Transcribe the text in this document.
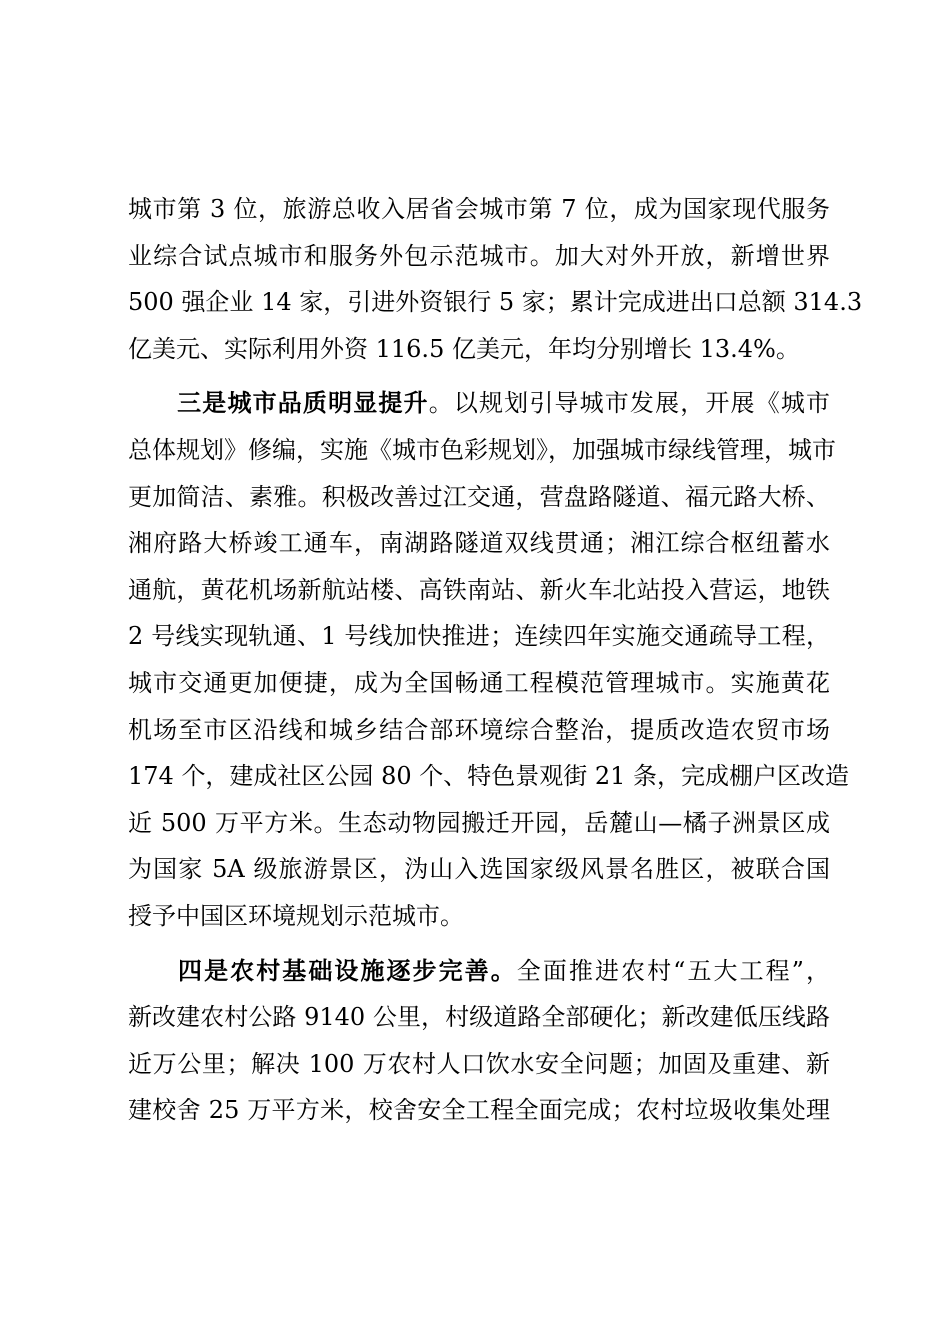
城市第 3 位，旅游总收入居省会城市第 7 位，成为国家现代服务
业综合试点城市和服务外包示范城市。加大对外开放，新增世界
500 强企业 14 家，引进外资银行 5 家；累计完成进出口总额 314.3
亿美元、实际利用外资 116.5 亿美元，年均分别增长 13.4%。
三是城市品质明显提升。以规划引导城市发展，开展《城市
总体规划》修编，实施《城市色彩规划》，加强城市绿线管理，城市
更加简洁、素雅。积极改善过江交通，营盘路隧道、福元路大桥、
湘府路大桥竣工通车，南湖路隧道双线贯通；湘江综合枢纽蓄水
通航，黄花机场新航站楼、高铁南站、新火车北站投入营运，地铁
2 号线实现轨通、1 号线加快推进；连续四年实施交通疏导工程，
城市交通更加便捷，成为全国畅通工程模范管理城市。实施黄花
机场至市区沿线和城乡结合部环境综合整治，提质改造农贸市场
174 个，建成社区公园 80 个、特色景观街 21 条，完成棚户区改造
近 500 万平方米。生态动物园搬迁开园，岳麓山—橘子洲景区成
为国家 5A 级旅游景区，沩山入选国家级风景名胜区，被联合国
授予中国区环境规划示范城市。
四是农村基础设施逐步完善。全面推进农村“五大工程”，
新改建农村公路 9140 公里，村级道路全部硬化；新改建低压线路
近万公里；解决 100 万农村人口饮水安全问题；加固及重建、新
建校舍 25 万平方米，校舍安全工程全面完成；农村垃圾收集处理
